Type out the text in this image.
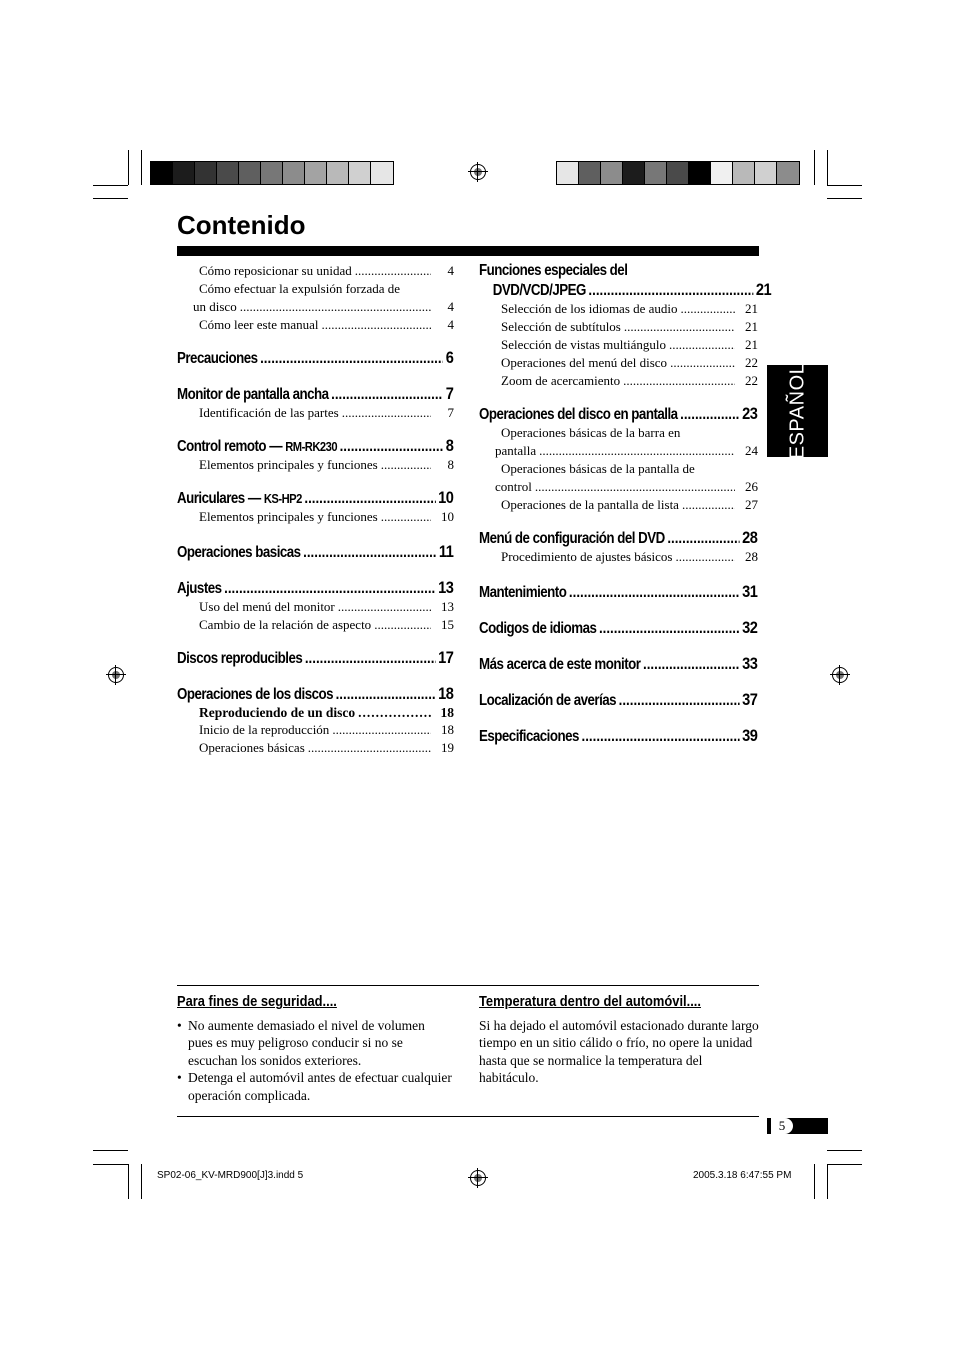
Contenido
ESPAÑOL
Cómo reposicionar su unidad .....	4
Cómo efectuar la expulsión forzada de
un disco .....	4
Cómo leer este manual .....	4
Precauciones .....	6
Monitor de pantalla ancha .....	7
Identificación de las partes .....	7
Control remoto — RM-RK230 .....	8
Elementos principales y funciones .....	8
Auriculares — KS-HP2 .....	10
Elementos principales y funciones .....	10
Operaciones basicas .....	11
Ajustes .....	13
Uso del menú del monitor .....	13
Cambio de la relación de aspecto .....	15
Discos reproducibles .....	17
Operaciones de los discos .....	18
Reproduciendo de un disco .....	18
Inicio de la reproducción .....	18
Operaciones básicas .....	19
Funciones especiales del
DVD/VCD/JPEG .....	21
Selección de los idiomas de audio .....	21
Selección de subtítulos .....	21
Selección de vistas multiángulo .....	21
Operaciones del menú del disco .....	22
Zoom de acercamiento .....	22
Operaciones del disco en pantalla .....	23
Operaciones básicas de la barra en
pantalla .....	24
Operaciones básicas de la pantalla de
control .....	26
Operaciones de la pantalla de lista .....	27
Menú de configuración del DVD .....	28
Procedimiento de ajustes básicos .....	28
Mantenimiento .....	31
Codigos de idiomas .....	32
Más acerca de este monitor .....	33
Localización de averías .....	37
Especificaciones .....	39
Para fines de seguridad....
• No aumente demasiado el nivel de volumen pues es muy peligroso conducir si no se escuchan los sonidos exteriores.
• Detenga el automóvil antes de efectuar cualquier operación complicada.
Temperatura dentro del automóvil....

Si ha dejado el automóvil estacionado durante largo tiempo en un sitio cálido o frío, no opere la unidad hasta que se normalice la temperatura del habitáculo.

5
SP02-06_KV-MRD900[J]3.indd 5	2005.3.18 6:47:55 PM
